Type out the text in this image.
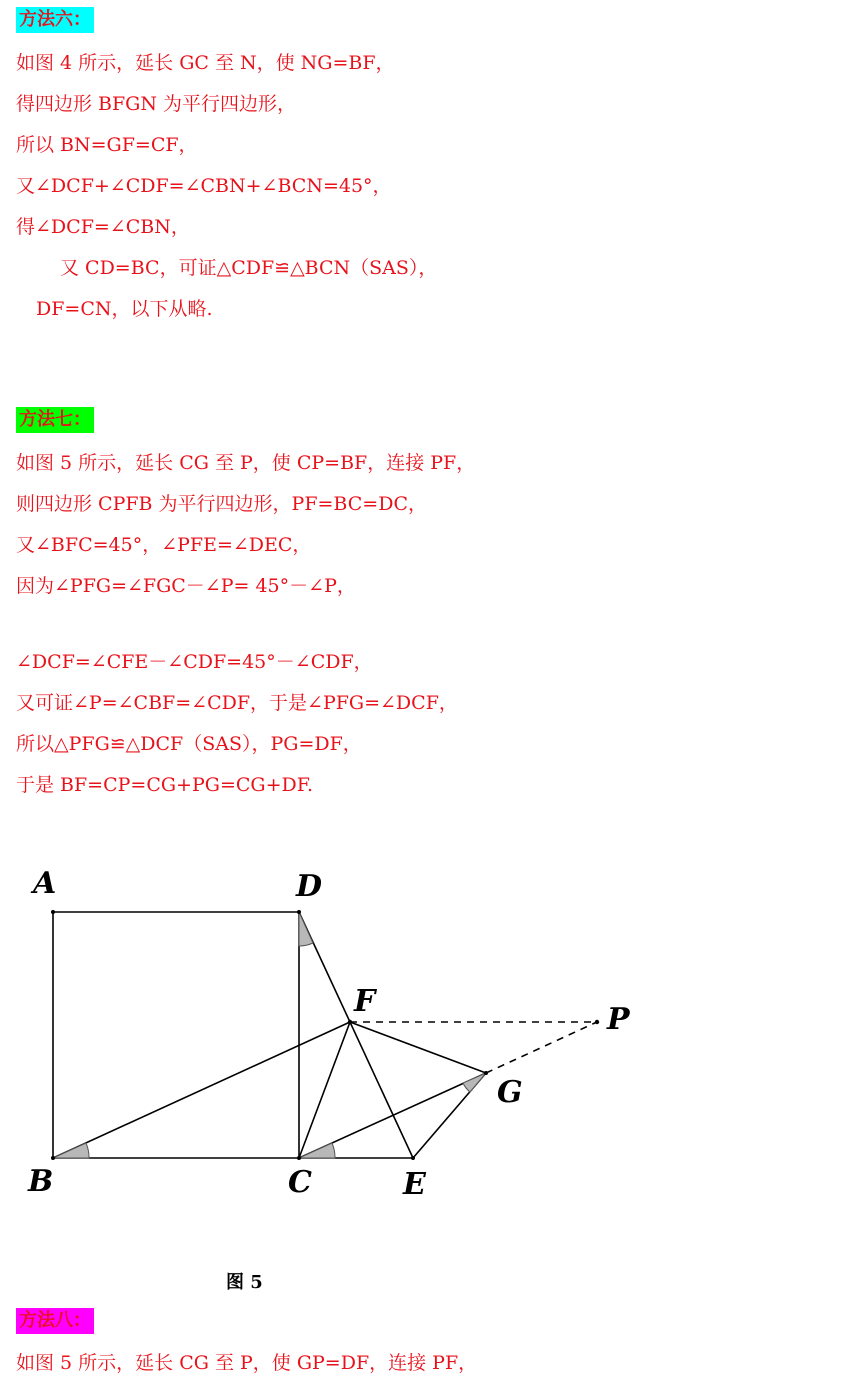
方法六：

如图 4 所示，延长 GC 至 N，使 NG=BF，

得四边形 BFGN 为平行四边形，

所以 BN=GF=CF，

又∠DCF+∠CDF=∠CBN+∠BCN=45°，

得∠DCF=∠CBN，

又 CD=BC，可证△CDF≌△BCN（SAS），

DF=CN，以下从略.

方法七：

如图 5 所示，延长 CG 至 P，使 CP=BF，连接 PF，

则四边形 CPFB 为平行四边形，PF=BC=DC，

又∠BFC=45°，∠PFE=∠DEC，

因为∠PFG=∠FGC－∠P= 45°－∠P，

∠DCF=∠CFE－∠CDF=45°－∠CDF，

又可证∠P=∠CBF=∠CDF，于是∠PFG=∠DCF，

所以△PFG≌△DCF（SAS），PG=DF，

于是 BF=CP=CG+PG=CG+DF.

A	D
F
P
G
B	C	E
图 5
方法八：

如图 5 所示，延长 CG 至 P，使 GP=DF，连接 PF，
